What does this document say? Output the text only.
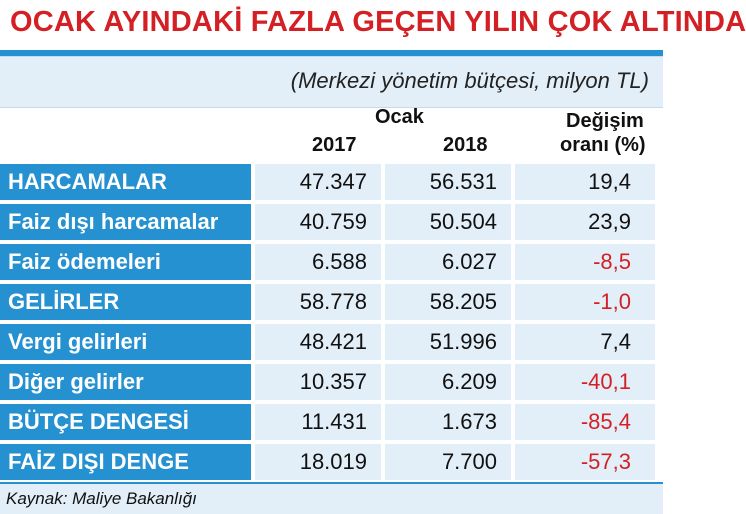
OCAK AYINDAKİ FAZLA GEÇEN YILIN ÇOK ALTINDA
(Merkezi yönetim bütçesi, milyon TL)
Ocak
2017	2018
Değişim
oranı (%)
HARCAMALAR	47.347	56.531	19,4
Faiz dışı harcamalar	40.759	50.504	23,9
Faiz ödemeleri	6.588	6.027	-8,5
GELİRLER	58.778	58.205	-1,0
Vergi gelirleri	48.421	51.996	7,4
Diğer gelirler	10.357	6.209	-40,1
BÜTÇE DENGESİ	11.431	1.673	-85,4
FAİZ DIŞI DENGE	18.019	7.700	-57,3
Kaynak: Maliye Bakanlığı
